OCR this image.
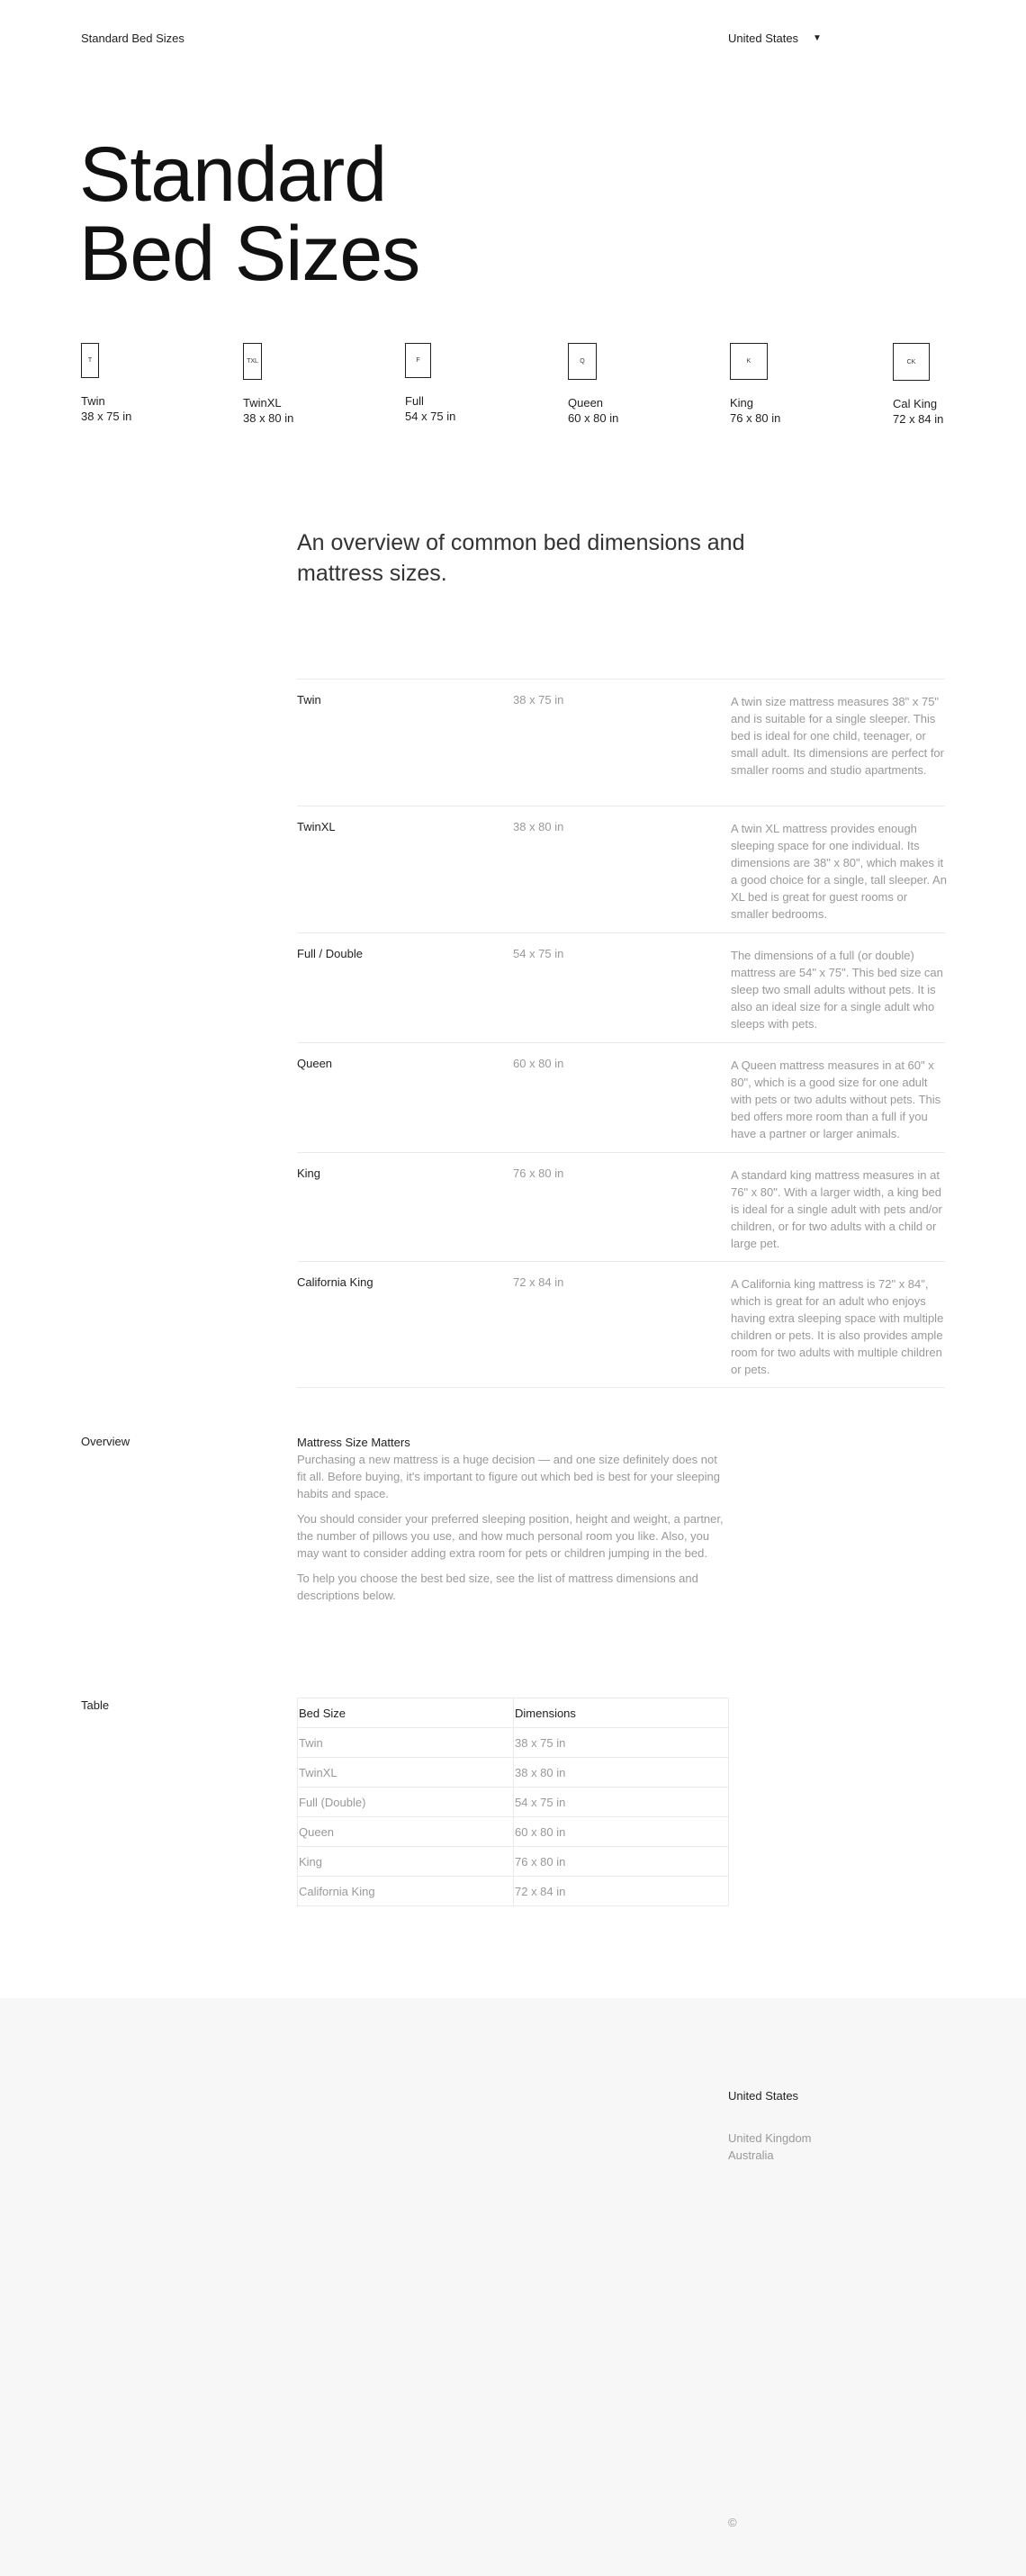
Standard Bed Sizes	United States ▼
Standard
Bed Sizes
T
Twin
38 x 75 in
TXL
TwinXL
38 x 80 in
F
Full
54 x 75 in
Q
Queen
60 x 80 in
K
King
76 x 80 in
CK
Cal King
72 x 84 in
An overview of common bed dimensions and mattress sizes.
Twin	38 x 75 in	A twin size mattress measures 38" x 75" and is suitable for a single sleeper. This bed is ideal for one child, teenager, or small adult. Its dimensions are perfect for smaller rooms and studio apartments.
TwinXL	38 x 80 in	A twin XL mattress provides enough sleeping space for one individual. Its dimensions are 38" x 80", which makes it a good choice for a single, tall sleeper. An XL bed is great for guest rooms or smaller bedrooms.
Full / Double	54 x 75 in	The dimensions of a full (or double) mattress are 54" x 75". This bed size can sleep two small adults without pets. It is also an ideal size for a single adult who sleeps with pets.
Queen	60 x 80 in	A Queen mattress measures in at 60" x 80", which is a good size for one adult with pets or two adults without pets. This bed offers more room than a full if you have a partner or larger animals.
King	76 x 80 in	A standard king mattress measures in at 76" x 80". With a larger width, a king bed is ideal for a single adult with pets and/or children, or for two adults with a child or large pet.
California King	72 x 84 in	A California king mattress is 72" x 84", which is great for an adult who enjoys having extra sleeping space with multiple children or pets. It is also provides ample room for two adults with multiple children or pets.
Overview	Mattress Size Matters

Purchasing a new mattress is a huge decision — and one size definitely does not fit all. Before buying, it's important to figure out which bed is best for your sleeping habits and space.

You should consider your preferred sleeping position, height and weight, a partner, the number of pillows you use, and how much personal room you like. Also, you may want to consider adding extra room for pets or children jumping in the bed.

To help you choose the best bed size, see the list of mattress dimensions and descriptions below.

Table
Bed Size	Dimensions
Twin	38 x 75 in
TwinXL	38 x 80 in
Full (Double)	54 x 75 in
Queen	60 x 80 in
King	76 x 80 in
California King	72 x 84 in
United States
United Kingdom
Australia
©
